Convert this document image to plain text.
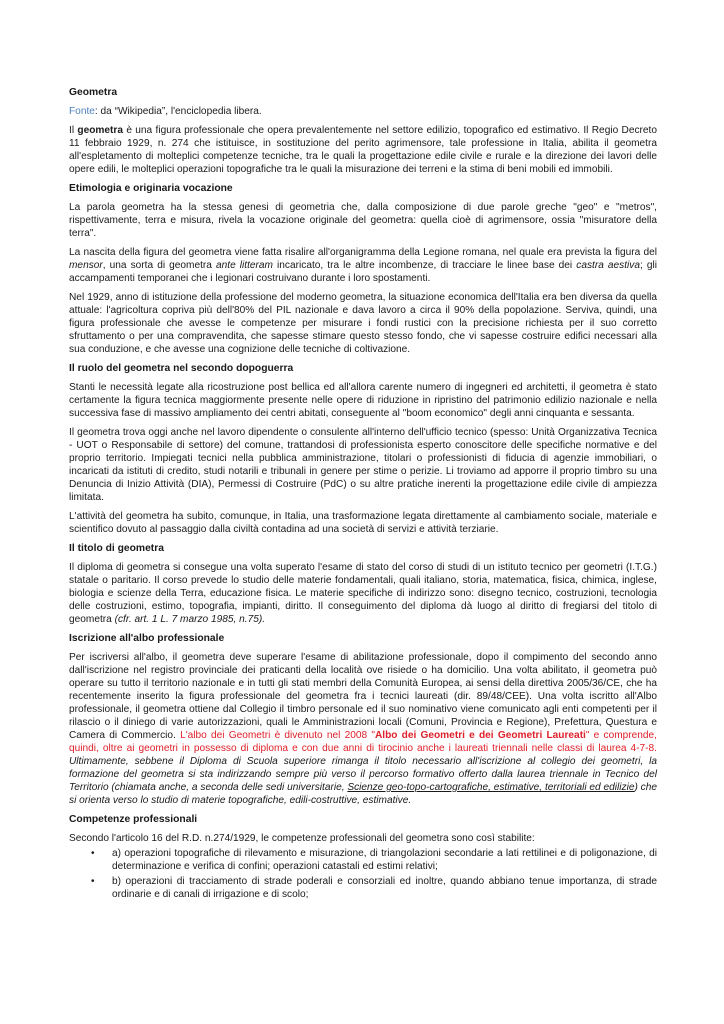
Geometra

Fonte: da “Wikipedia”, l'enciclopedia libera.

Il geometra è una figura professionale che opera prevalentemente nel settore edilizio, topografico ed estimativo. Il Regio Decreto 11 febbraio 1929, n. 274 che istituisce, in sostituzione del perito agrimensore, tale professione in Italia, abilita il geometra all'espletamento di molteplici competenze tecniche, tra le quali la progettazione edile civile e rurale e la direzione dei lavori delle opere edili, le molteplici operazioni topografiche tra le quali la misurazione dei terreni e la stima di beni mobili ed immobili.

Etimologia e originaria vocazione

La parola geometra ha la stessa genesi di geometria che, dalla composizione di due parole greche "geo" e "metros", rispettivamente, terra e misura, rivela la vocazione originale del geometra: quella cioè di agrimensore, ossia "misuratore della terra".

La nascita della figura del geometra viene fatta risalire all'organigramma della Legione romana, nel quale era prevista la figura del mensor, una sorta di geometra ante litteram incaricato, tra le altre incombenze, di tracciare le linee base dei castra aestiva; gli accampamenti temporanei che i legionari costruivano durante i loro spostamenti.

Nel 1929, anno di istituzione della professione del moderno geometra, la situazione economica dell'Italia era ben diversa da quella attuale: l'agricoltura copriva più dell'80% del PIL nazionale e dava lavoro a circa il 90% della popolazione. Serviva, quindi, una figura professionale che avesse le competenze per misurare i fondi rustici con la precisione richiesta per il suo corretto sfruttamento o per una compravendita, che sapesse stimare questo stesso fondo, che vi sapesse costruire edifici necessari alla sua conduzione, e che avesse una cognizione delle tecniche di coltivazione.

Il ruolo del geometra nel secondo dopoguerra

Stanti le necessità legate alla ricostruzione post bellica ed all'allora carente numero di ingegneri ed architetti, il geometra è stato certamente la figura tecnica maggiormente presente nelle opere di riduzione in ripristino del patrimonio edilizio nazionale e nella successiva fase di massivo ampliamento dei centri abitati, conseguente al "boom economico" degli anni cinquanta e sessanta.

Il geometra trova oggi anche nel lavoro dipendente o consulente all'interno dell'ufficio tecnico (spesso: Unità Organizzativa Tecnica - UOT o Responsabile di settore) del comune, trattandosi di professionista esperto conoscitore delle specifiche normative e del proprio territorio. Impiegati tecnici nella pubblica amministrazione, titolari o professionisti di fiducia di agenzie immobiliari, o incaricati da istituti di credito, studi notarili e tribunali in genere per stime o perizie. Li troviamo ad apporre il proprio timbro su una Denuncia di Inizio Attività (DIA), Permessi di Costruire (PdC) o su altre pratiche inerenti la progettazione edile civile di ampiezza limitata.

L'attività del geometra ha subito, comunque, in Italia, una trasformazione legata direttamente al cambiamento sociale, materiale e scientifico dovuto al passaggio dalla civiltà contadina ad una società di servizi e attività terziarie.

Il titolo di geometra

Il diploma di geometra si consegue una volta superato l'esame di stato del corso di studi di un istituto tecnico per geometri (I.T.G.) statale o paritario. Il corso prevede lo studio delle materie fondamentali, quali italiano, storia, matematica, fisica, chimica, inglese, biologia e scienze della Terra, educazione fisica. Le materie specifiche di indirizzo sono: disegno tecnico, costruzioni, tecnologia delle costruzioni, estimo, topografia, impianti, diritto. Il conseguimento del diploma dà luogo al diritto di fregiarsi del titolo di geometra (cfr. art. 1 L. 7 marzo 1985, n.75).

Iscrizione all'albo professionale

Per iscriversi all'albo, il geometra deve superare l'esame di abilitazione professionale, dopo il compimento del secondo anno dall'iscrizione nel registro provinciale dei praticanti della località ove risiede o ha domicilio. Una volta abilitato, il geometra può operare su tutto il territorio nazionale e in tutti gli stati membri della Comunità Europea, ai sensi della direttiva 2005/36/CE, che ha recentemente inserito la figura professionale del geometra fra i tecnici laureati (dir. 89/48/CEE). Una volta iscritto all'Albo professionale, il geometra ottiene dal Collegio il timbro personale ed il suo nominativo viene comunicato agli enti competenti per il rilascio o il diniego di varie autorizzazioni, quali le Amministrazioni locali (Comuni, Provincia e Regione), Prefettura, Questura e Camera di Commercio. L'albo dei Geometri è divenuto nel 2008 "Albo dei Geometri e dei Geometri Laureati" e comprende, quindi, oltre ai geometri in possesso di diploma e con due anni di tirocinio anche i laureati triennali nelle classi di laurea 4-7-8. Ultimamente, sebbene il Diploma di Scuola superiore rimanga il titolo necessario all'iscrizione al collegio dei geometri, la formazione del geometra si sta indirizzando sempre più verso il percorso formativo offerto dalla laurea triennale in Tecnico del Territorio (chiamata anche, a seconda delle sedi universitarie, Scienze geo-topo-cartografiche, estimative, territoriali ed edilizie) che si orienta verso lo studio di materie topografiche, edili-costruttive, estimative.

Competenze professionali

Secondo l'articolo 16 del R.D. n.274/1929, le competenze professionali del geometra sono così stabilite:

• a) operazioni topografiche di rilevamento e misurazione, di triangolazioni secondarie a lati rettilinei e di poligonazione, di determinazione e verifica di confini; operazioni catastali ed estimi relativi;
• b) operazioni di tracciamento di strade poderali e consorziali ed inoltre, quando abbiano tenue importanza, di strade ordinarie e di canali di irrigazione e di scolo;
